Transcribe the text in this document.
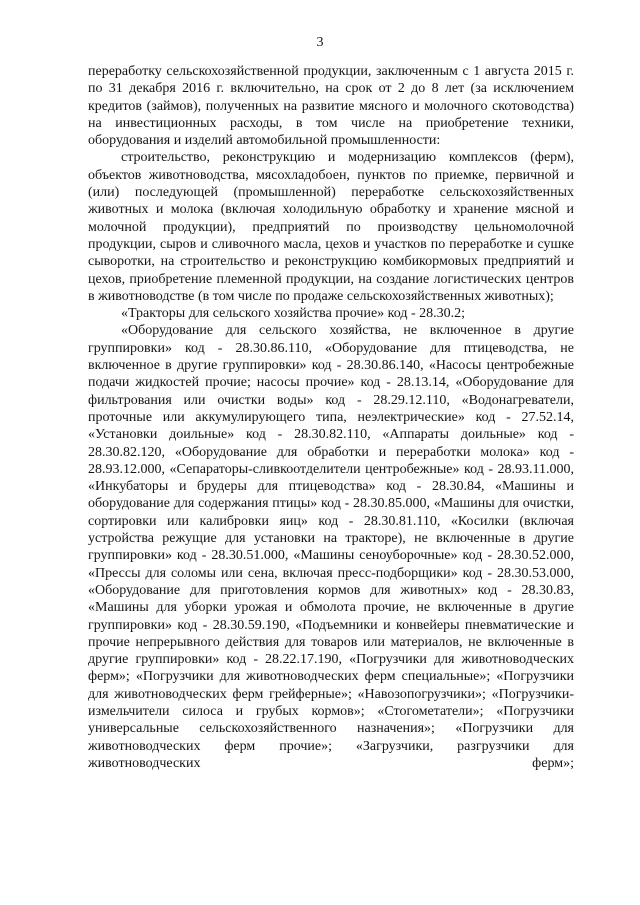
3

переработку сельскохозяйственной продукции, заключенным с 1 августа 2015 г. по 31 декабря 2016 г. включительно, на срок от 2 до 8 лет (за исключением кредитов (займов), полученных на развитие мясного и молочного скотоводства) на инвестиционных расходы, в том числе на приобретение техники, оборудования и изделий автомобильной промышленности:

строительство, реконструкцию и модернизацию комплексов (ферм), объектов животноводства, мясохладобоен, пунктов по приемке, первичной и (или) последующей (промышленной) переработке сельскохозяйственных животных и молока (включая холодильную обработку и хранение мясной и молочной продукции), предприятий по производству цельномолочной продукции, сыров и сливочного масла, цехов и участков по переработке и сушке сыворотки, на строительство и реконструкцию комбикормовых предприятий и цехов, приобретение племенной продукции, на создание логистических центров в животноводстве (в том числе по продаже сельскохозяйственных животных);

«Тракторы для сельского хозяйства прочие» код - 28.30.2;

«Оборудование для сельского хозяйства, не включенное в другие группировки» код - 28.30.86.110, «Оборудование для птицеводства, не включенное в другие группировки» код - 28.30.86.140, «Насосы центробежные подачи жидкостей прочие; насосы прочие» код - 28.13.14, «Оборудование для фильтрования или очистки воды» код - 28.29.12.110, «Водонагреватели, проточные или аккумулирующего типа, неэлектрические» код - 27.52.14, «Установки доильные» код - 28.30.82.110, «Аппараты доильные» код - 28.30.82.120, «Оборудование для обработки и переработки молока» код - 28.93.12.000, «Сепараторы-сливкоотделители центробежные» код - 28.93.11.000, «Инкубаторы и брудеры для птицеводства» код - 28.30.84, «Машины и оборудование для содержания птицы» код - 28.30.85.000, «Машины для очистки, сортировки или калибровки яиц» код - 28.30.81.110, «Косилки (включая устройства режущие для установки на тракторе), не включенные в другие группировки» код - 28.30.51.000, «Машины сеноуборочные» код - 28.30.52.000, «Прессы для соломы или сена, включая пресс-подборщики» код - 28.30.53.000, «Оборудование для приготовления кормов для животных» код - 28.30.83, «Машины для уборки урожая и обмолота прочие, не включенные в другие группировки» код - 28.30.59.190, «Подъемники и конвейеры пневматические и прочие непрерывного действия для товаров или материалов, не включенные в другие группировки» код - 28.22.17.190, «Погрузчики для животноводческих ферм»; «Погрузчики для животноводческих ферм специальные»; «Погрузчики для животноводческих ферм грейферные»; «Навозопогрузчики»; «Погрузчики-измельчители силоса и грубых кормов»; «Стогометатели»; «Погрузчики универсальные сельскохозяйственного назначения»; «Погрузчики для животноводческих ферм прочие»; «Загрузчики, разгрузчики для животноводческих ферм»;
